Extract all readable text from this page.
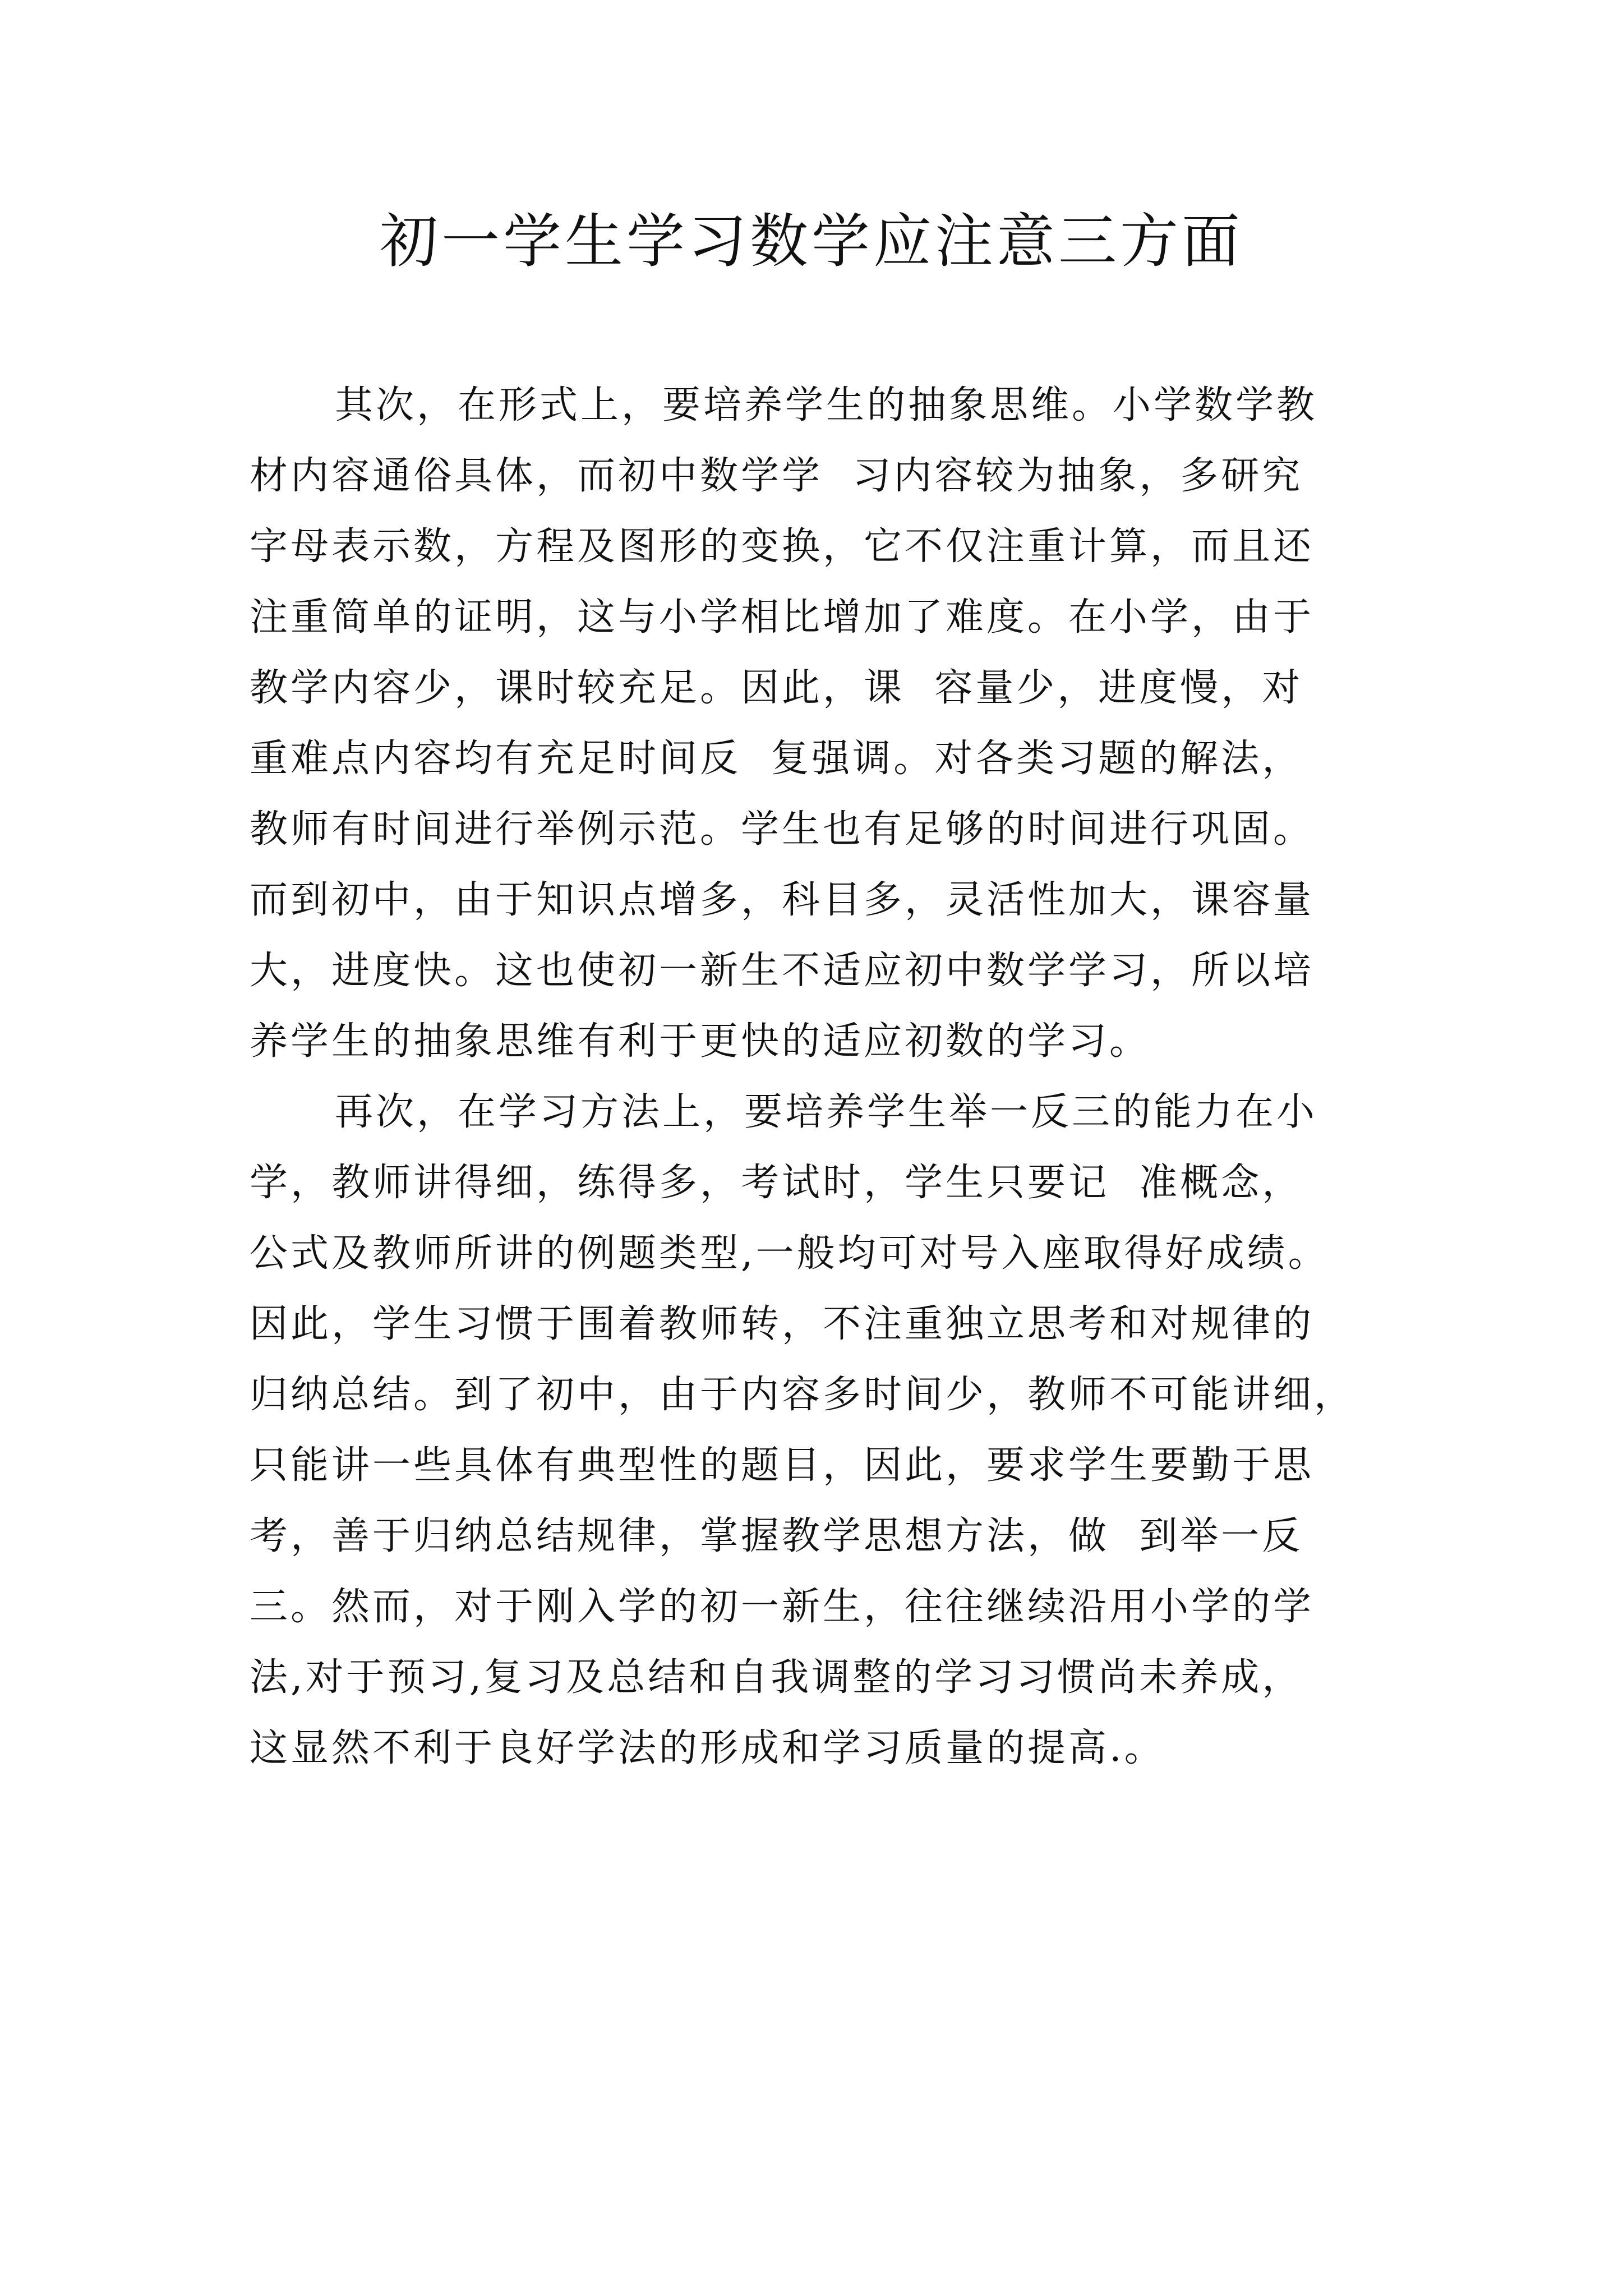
初一学生学习数学应注意三方面
其次，在形式上，要培养学生的抽象思维。小学数学教
材内容通俗具体，而初中数学学  习内容较为抽象，多研究
字母表示数，方程及图形的变换，它不仅注重计算，而且还
注重简单的证明，这与小学相比增加了难度。在小学，由于
教学内容少，课时较充足。因此，课  容量少，进度慢，对
重难点内容均有充足时间反  复强调。对各类习题的解法，
教师有时间进行举例示范。学生也有足够的时间进行巩固。
而到初中，由于知识点增多，科目多，灵活性加大，课容量
大，进度快。这也使初一新生不适应初中数学学习，所以培
养学生的抽象思维有利于更快的适应初数的学习。
再次，在学习方法上，要培养学生举一反三的能力在小
学，教师讲得细，练得多，考试时，学生只要记  准概念，
公式及教师所讲的例题类型,一般均可对号入座取得好成绩。
因此，学生习惯于围着教师转，不注重独立思考和对规律的
归纳总结。到了初中，由于内容多时间少，教师不可能讲细，
只能讲一些具体有典型性的题目，因此，要求学生要勤于思
考，善于归纳总结规律，掌握教学思想方法，做  到举一反
三。然而，对于刚入学的初一新生，往往继续沿用小学的学
法,对于预习,复习及总结和自我调整的学习习惯尚未养成，
这显然不利于良好学法的形成和学习质量的提高.。
